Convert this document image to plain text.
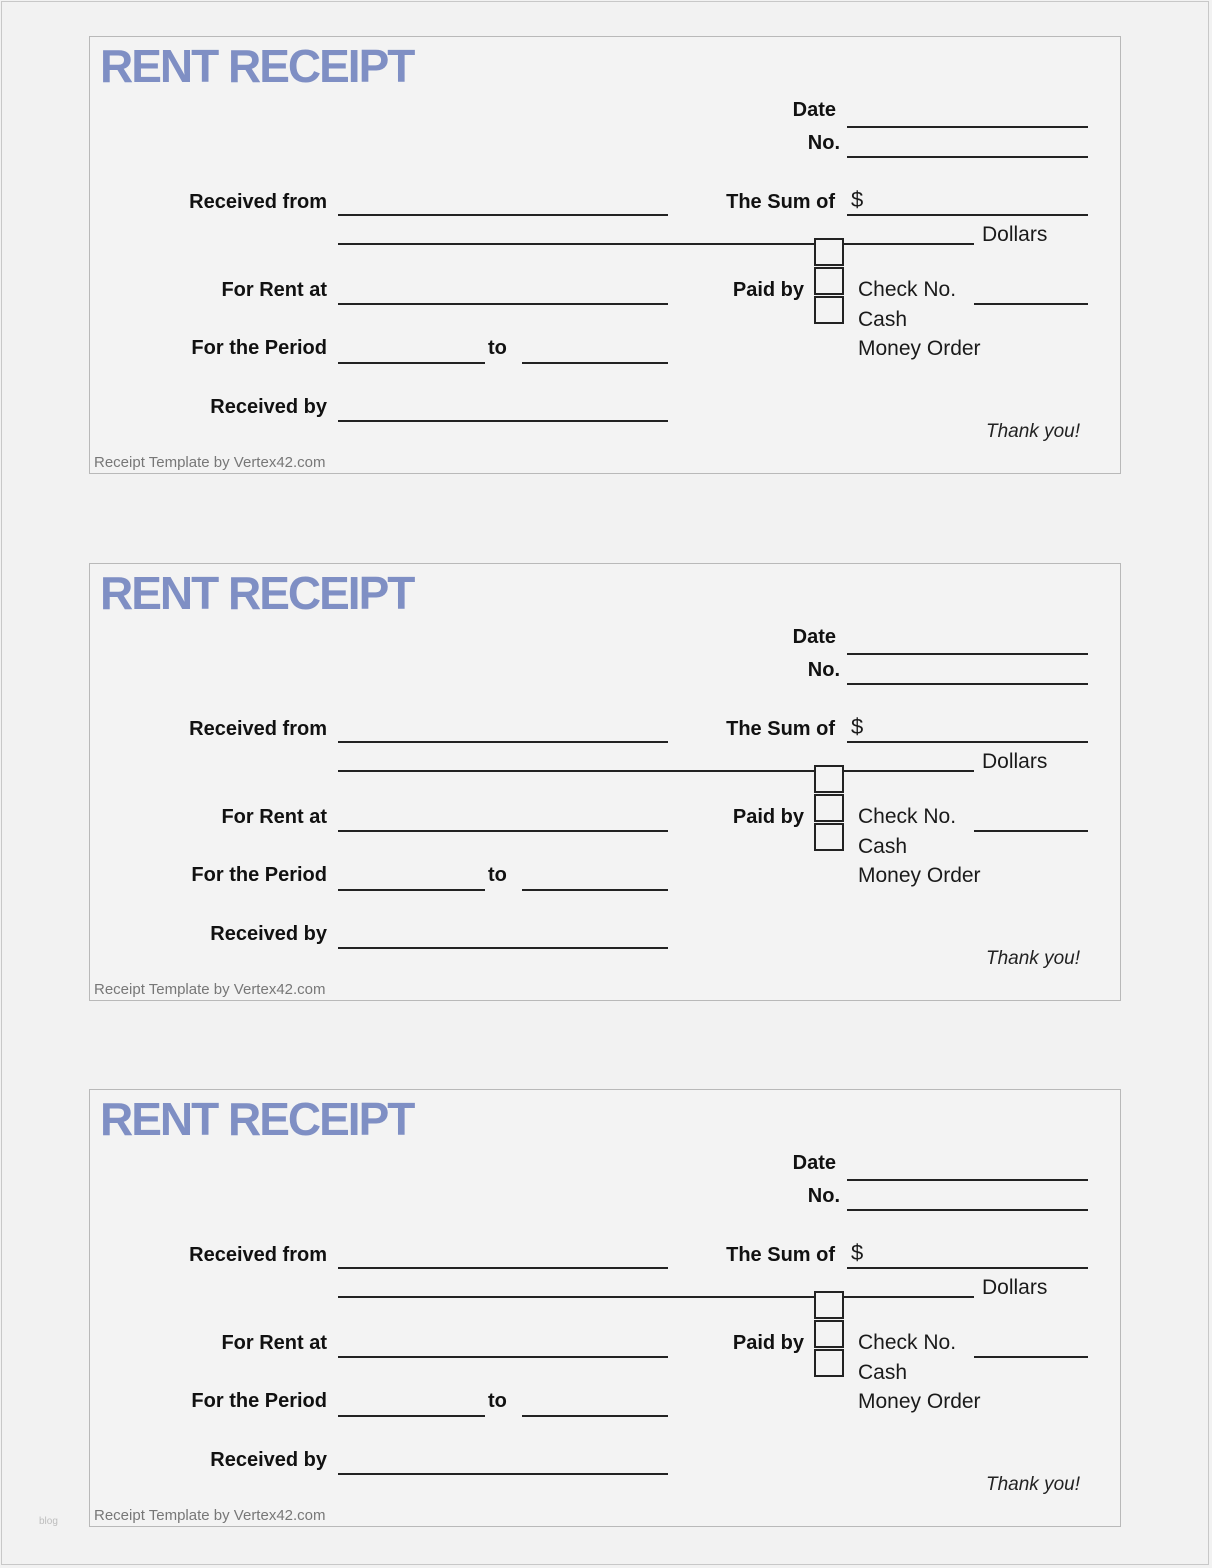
RENT RECEIPT
Date
No.
Received from	The Sum of $
Dollars
For Rent at	Paid by	Check No.
Cash
Money Order
For the Period	to
Received by
Thank you!
Receipt Template by Vertex42.com
RENT RECEIPT
Date
No.
Received from	The Sum of $
Dollars
For Rent at	Paid by	Check No.
Cash
Money Order
For the Period	to
Received by
Thank you!
Receipt Template by Vertex42.com
RENT RECEIPT
Date
No.
Received from	The Sum of $
Dollars
For Rent at	Paid by	Check No.
Cash
Money Order
For the Period	to
Received by
Thank you!
Receipt Template by Vertex42.com
blog
